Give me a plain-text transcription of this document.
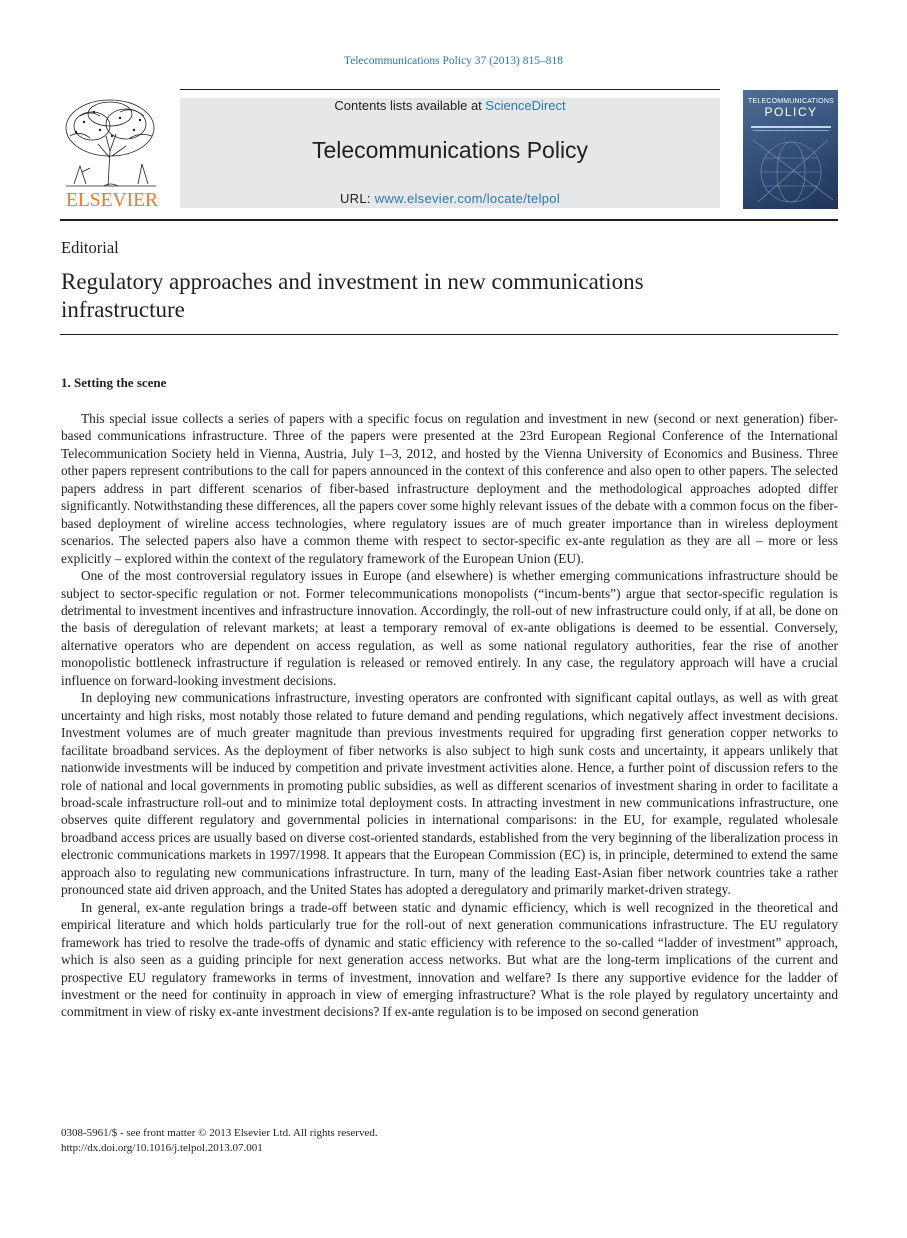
Telecommunications Policy 37 (2013) 815–818
ELSEVIER
Contents lists available at ScienceDirect
Telecommunications Policy
URL: www.elsevier.com/locate/telpol
TELECOMMUNICATIONS
POLICY
Editorial
Regulatory approaches and investment in new communications infrastructure
1. Setting the scene

This special issue collects a series of papers with a specific focus on regulation and investment in new (second or next generation) fiber-based communications infrastructure. Three of the papers were presented at the 23rd European Regional Conference of the International Telecommunication Society held in Vienna, Austria, July 1–3, 2012, and hosted by the Vienna University of Economics and Business. Three other papers represent contributions to the call for papers announced in the context of this conference and also open to other papers. The selected papers address in part different scenarios of fiber-based infrastructure deployment and the methodological approaches adopted differ significantly. Notwithstanding these differences, all the papers cover some highly relevant issues of the debate with a common focus on the fiber-based deployment of wireline access technologies, where regulatory issues are of much greater importance than in wireless deployment scenarios. The selected papers also have a common theme with respect to sector-specific ex-ante regulation as they are all – more or less explicitly – explored within the context of the regulatory framework of the European Union (EU).

One of the most controversial regulatory issues in Europe (and elsewhere) is whether emerging communications infrastructure should be subject to sector-specific regulation or not. Former telecommunications monopolists (“incum-bents”) argue that sector-specific regulation is detrimental to investment incentives and infrastructure innovation. Accordingly, the roll-out of new infrastructure could only, if at all, be done on the basis of deregulation of relevant markets; at least a temporary removal of ex-ante obligations is deemed to be essential. Conversely, alternative operators who are dependent on access regulation, as well as some national regulatory authorities, fear the rise of another monopolistic bottleneck infrastructure if regulation is released or removed entirely. In any case, the regulatory approach will have a crucial influence on forward-looking investment decisions.

In deploying new communications infrastructure, investing operators are confronted with significant capital outlays, as well as with great uncertainty and high risks, most notably those related to future demand and pending regulations, which negatively affect investment decisions. Investment volumes are of much greater magnitude than previous investments required for upgrading first generation copper networks to facilitate broadband services. As the deployment of fiber networks is also subject to high sunk costs and uncertainty, it appears unlikely that nationwide investments will be induced by competition and private investment activities alone. Hence, a further point of discussion refers to the role of national and local governments in promoting public subsidies, as well as different scenarios of investment sharing in order to facilitate a broad-scale infrastructure roll-out and to minimize total deployment costs. In attracting investment in new communications infrastructure, one observes quite different regulatory and governmental policies in international comparisons: in the EU, for example, regulated wholesale broadband access prices are usually based on diverse cost-oriented standards, established from the very beginning of the liberalization process in electronic communications markets in 1997/1998. It appears that the European Commission (EC) is, in principle, determined to extend the same approach also to regulating new communications infrastructure. In turn, many of the leading East-Asian fiber network countries take a rather pronounced state aid driven approach, and the United States has adopted a deregulatory and primarily market-driven strategy.

In general, ex-ante regulation brings a trade-off between static and dynamic efficiency, which is well recognized in the theoretical and empirical literature and which holds particularly true for the roll-out of next generation communications infrastructure. The EU regulatory framework has tried to resolve the trade-offs of dynamic and static efficiency with reference to the so-called “ladder of investment” approach, which is also seen as a guiding principle for next generation access networks. But what are the long-term implications of the current and prospective EU regulatory frameworks in terms of investment, innovation and welfare? Is there any supportive evidence for the ladder of investment or the need for continuity in approach in view of emerging infrastructure? What is the role played by regulatory uncertainty and commitment in view of risky ex-ante investment decisions? If ex-ante regulation is to be imposed on second generation

0308-5961/$ - see front matter © 2013 Elsevier Ltd. All rights reserved.
http://dx.doi.org/10.1016/j.telpol.2013.07.001
